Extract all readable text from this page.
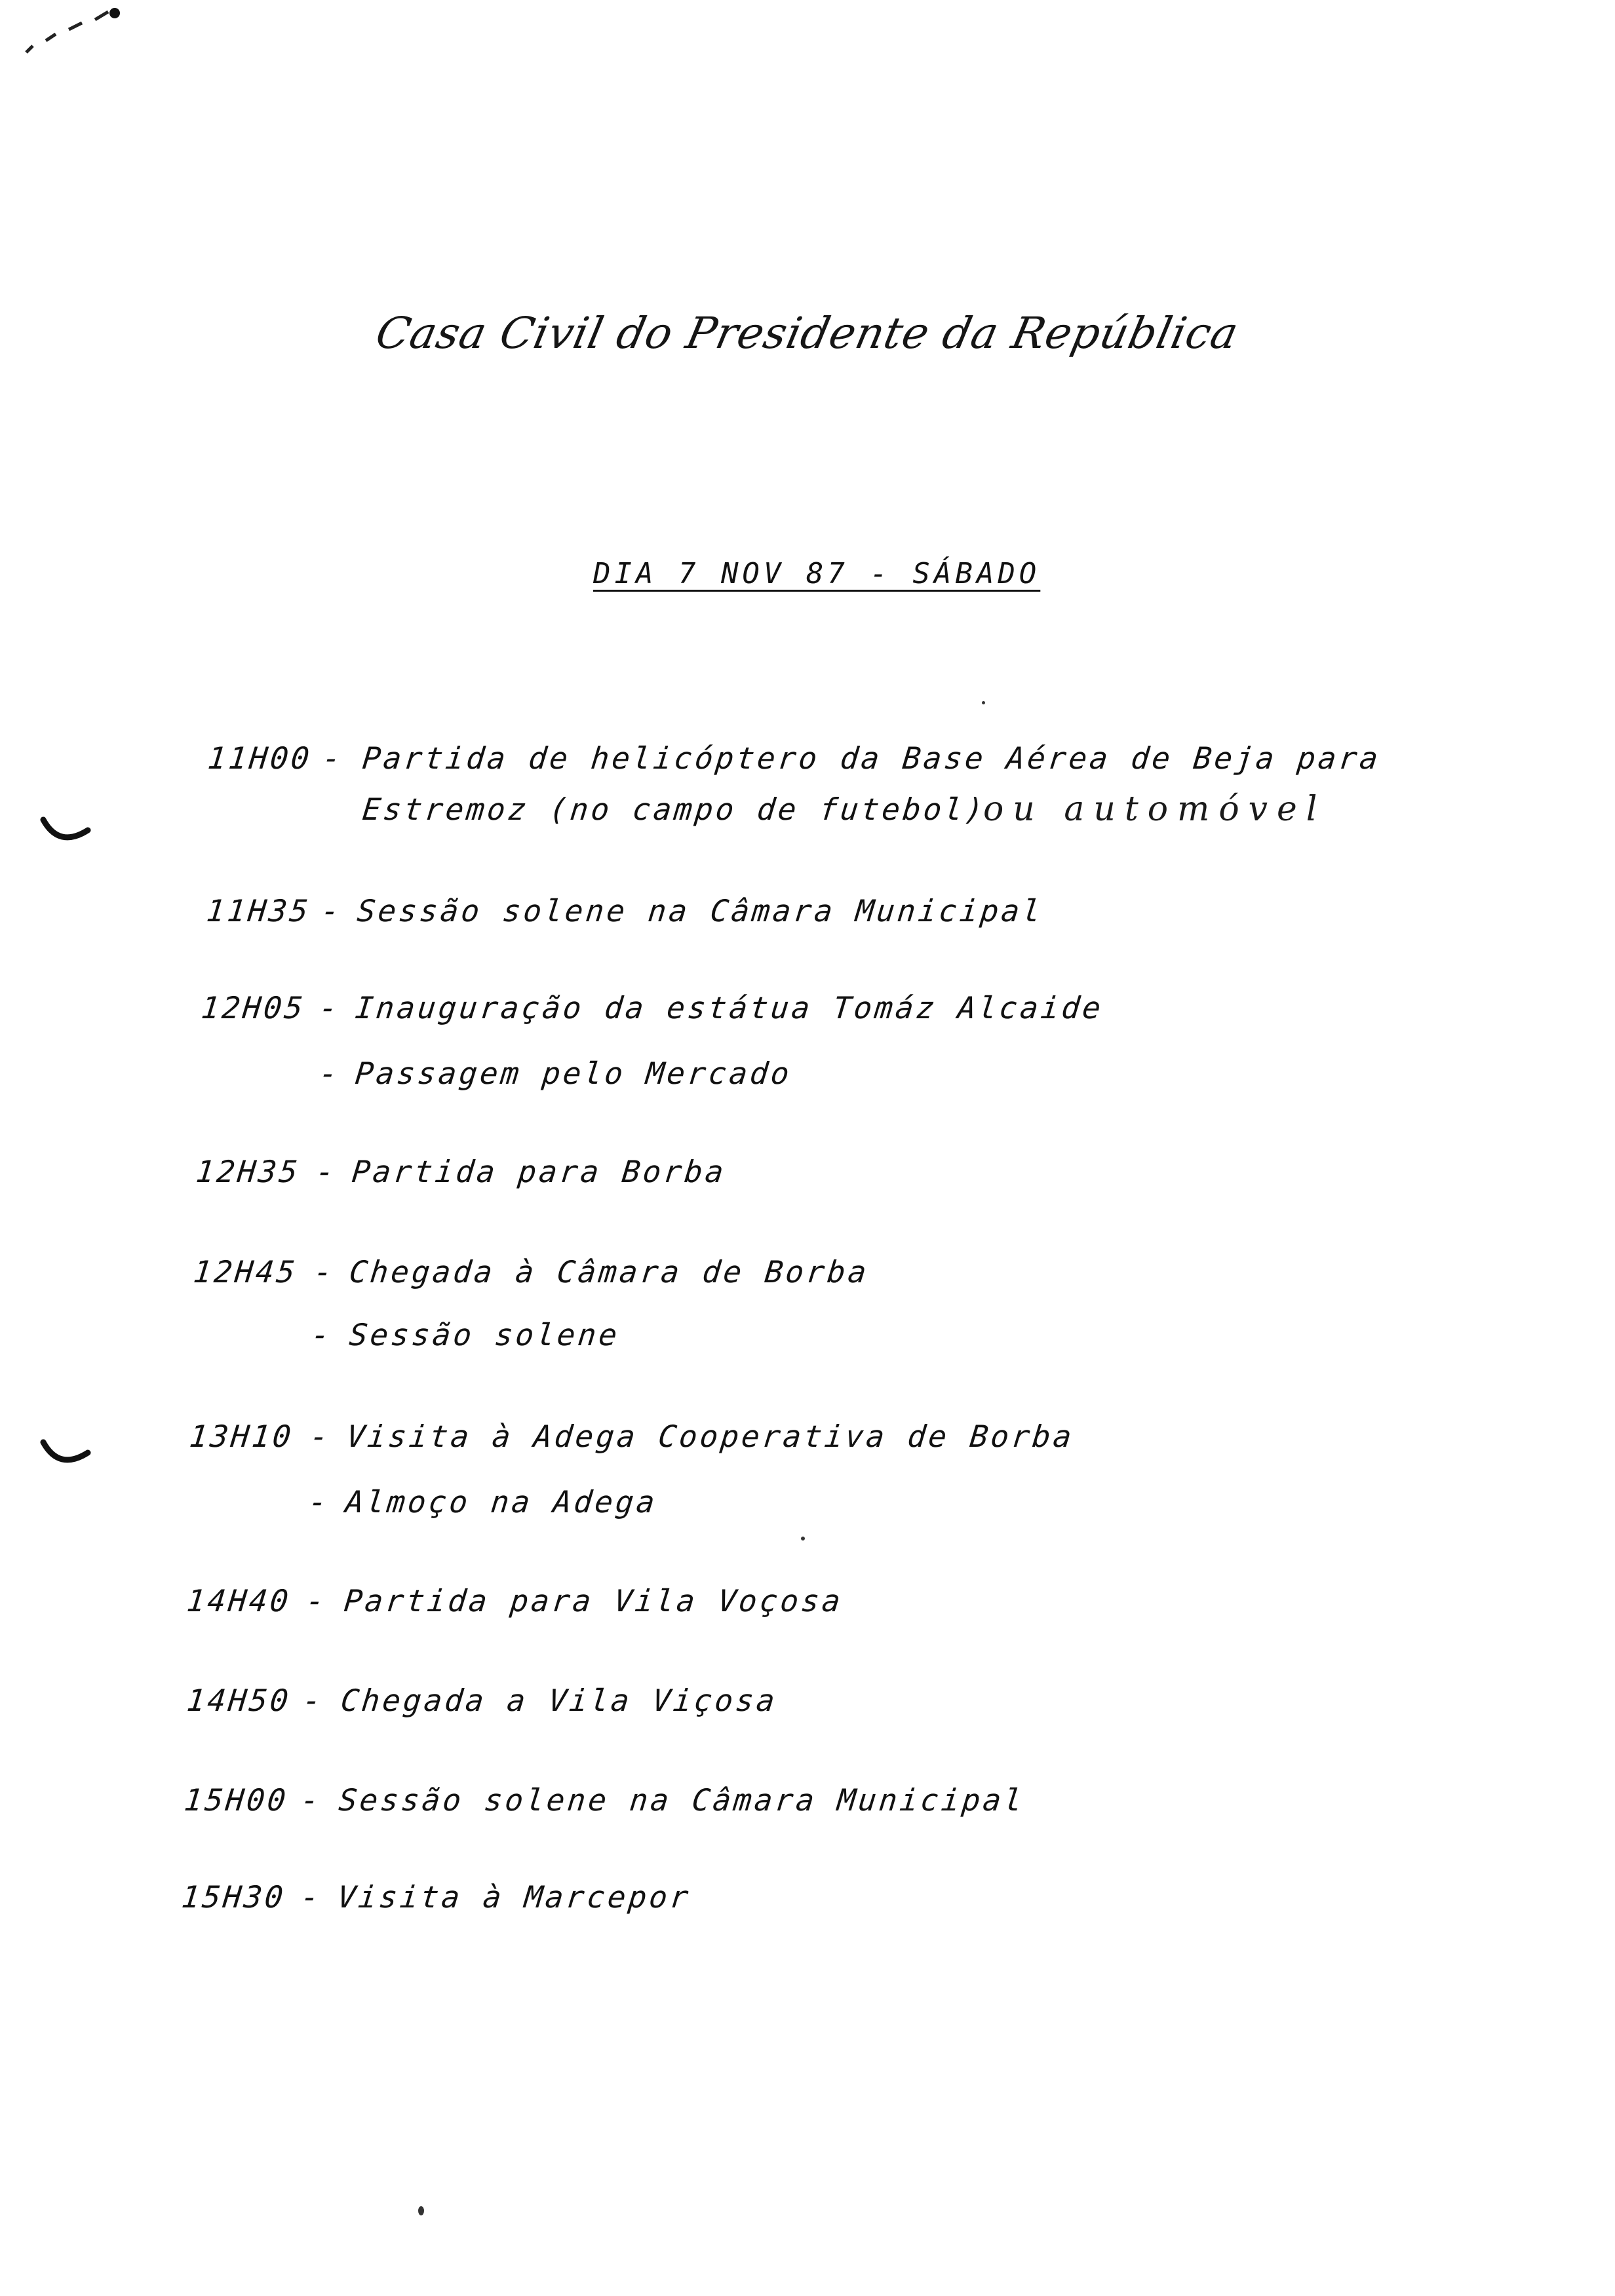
Casa Civil do Presidente da República
DIA 7 NOV 87 - SÁBADO
11H00 - Partida de helicóptero da Base Aérea de Beja para
Estremoz (no campo de futebol)
11H35 - Sessão solene na Câmara Municipal
12H05 - Inauguração da estátua Tomáz Alcaide
- Passagem pelo Mercado
12H35 - Partida para Borba
12H45 - Chegada à Câmara de Borba
- Sessão solene
13H10 - Visita à Adega Cooperativa de Borba
- Almoço na Adega
14H40 - Partida para Vila Voçosa
14H50 - Chegada a Vila Viçosa
15H00 - Sessão solene na Câmara Municipal
15H30 - Visita à Marcepor
ou automóvel
